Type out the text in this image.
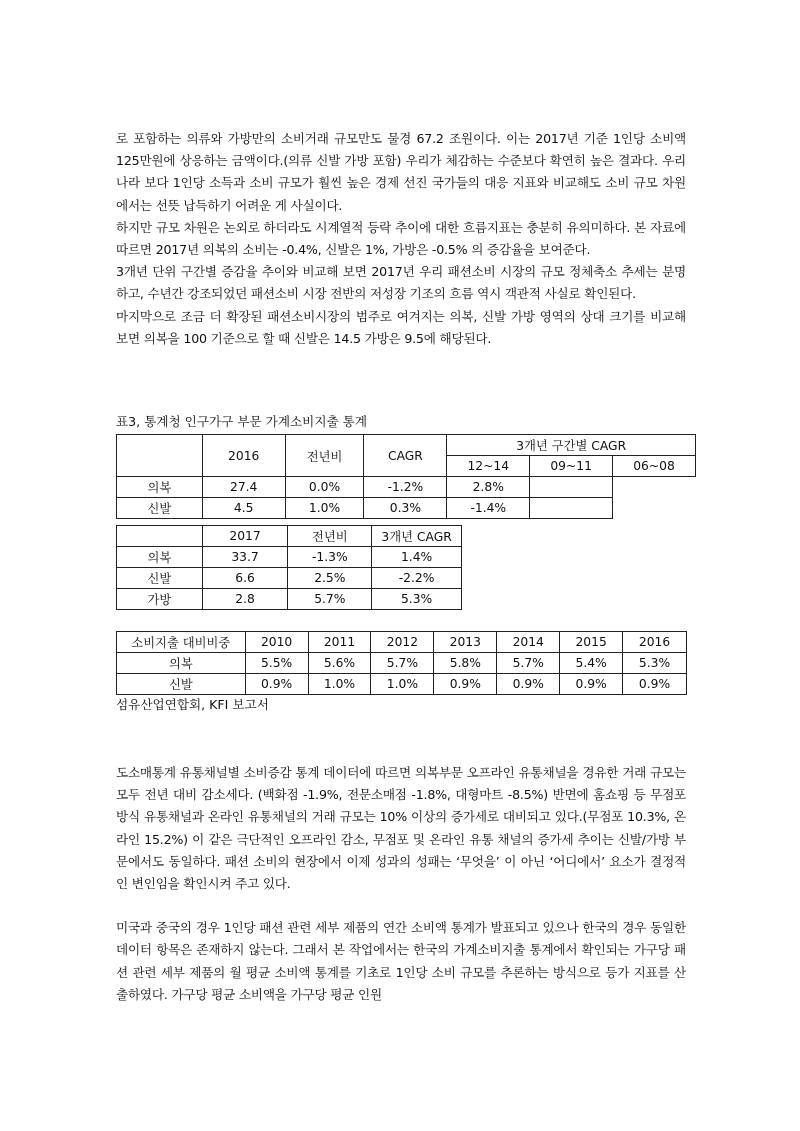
로 포함하는 의류와 가방만의 소비거래 규모만도 물경 67.2 조원이다. 이는 2017년 기준 1인당 소비액 125만원에 상응하는 금액이다.(의류 신발 가방 포함) 우리가 체감하는 수준보다 확연히 높은 결과다. 우리나라 보다 1인당 소득과 소비 규모가 훨씬 높은 경제 선진 국가들의 대응 지표와 비교해도 소비 규모 차원에서는 선뜻 납득하기 어려운 게 사실이다.

하지만 규모 차원은 논외로 하더라도 시계열적 등락 추이에 대한 흐름지표는 충분히 유의미하다. 본 자료에 따르면 2017년 의복의 소비는 -0.4%, 신발은 1%, 가방은 -0.5% 의 증감율을 보여준다.

3개년 단위 구간별 증감율 추이와 비교해 보면 2017년 우리 패션소비 시장의 규모 정체축소 추세는 분명하고, 수년간 강조되었던 패션소비 시장 전반의 저성장 기조의 흐름 역시 객관적 사실로 확인된다.

마지막으로 조금 더 확장된 패션소비시장의 범주로 여겨지는 의복, 신발 가방 영역의 상대 크기를 비교해 보면 의복을 100 기준으로 할 때 신발은 14.5 가방은 9.5에 해당된다.

표3, 통계청 인구가구 부문 가계소비지출 통계
	2016	전년비	CAGR	3개년 구간별 CAGR		
				12~14	09~11	06~08
의복	27.4	0.0%	-1.2%	2.8%		
신발	4.5	1.0%	0.3%	-1.4%		
	2017	전년비	3개년 CAGR
의복	33.7	-1.3%	1.4%
신발	6.6	2.5%	-2.2%
가방	2.8	5.7%	5.3%
소비지출 대비비중	2010	2011	2012	2013	2014	2015	2016
의복	5.5%	5.6%	5.7%	5.8%	5.7%	5.4%	5.3%
신발	0.9%	1.0%	1.0%	0.9%	0.9%	0.9%	0.9%
섬유산업연합회, KFI 보고서

도소매통계 유통채널별 소비증감 통계 데이터에 따르면 의복부문 오프라인 유통채널을 경유한 거래 규모는 모두 전년 대비 감소세다. (백화점 -1.9%, 전문소매점 -1.8%, 대형마트 -8.5%) 반면에 홈쇼핑 등 무점포방식 유통채널과 온라인 유통채널의 거래 규모는 10% 이상의 증가세로 대비되고 있다.(무점포 10.3%, 온라인 15.2%) 이 같은 극단적인 오프라인 감소, 무점포 및 온라인 유통 채널의 증가세 추이는 신발/가방 부문에서도 동일하다. 패션 소비의 현장에서 이제 성과의 성패는 ‘무엇을’ 이 아닌 ‘어디에서’ 요소가 결정적인 변인임을 확인시켜 주고 있다.

미국과 중국의 경우 1인당 패션 관련 세부 제품의 연간 소비액 통계가 발표되고 있으나 한국의 경우 동일한 데이터 항목은 존재하지 않는다. 그래서 본 작업에서는 한국의 가계소비지출 통계에서 확인되는 가구당 패션 관련 세부 제품의 월 평균 소비액 통계를 기초로 1인당 소비 규모를 추론하는 방식으로 등가 지표를 산출하였다. 가구당 평균 소비액을 가구당 평균 인원
